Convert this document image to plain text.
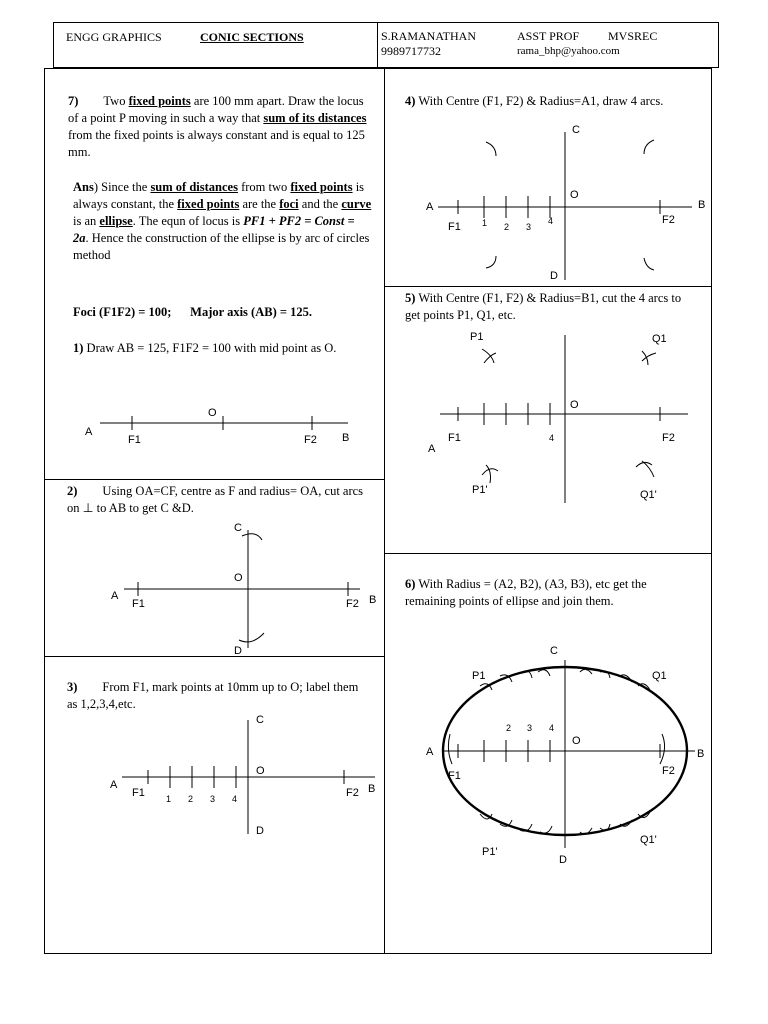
ENGG GRAPHICS	CONIC SECTIONS	S.RAMANATHAN	ASST PROF MVSREC
9989717732	rama_bhp@yahoo.com
7) Two fixed points are 100 mm apart. Draw the locus of a point P moving in such a way that sum of its distances from the fixed points is always constant and is equal to 125 mm.
Ans) Since the sum of distances from two fixed points is always constant, the fixed points are the foci and the curve is an ellipse. The equn of locus is PF1 + PF2 = Const = 2a. Hence the construction of the ellipse is by arc of circles method
Foci (F1F2) = 100; Major axis (AB) = 125.
1) Draw AB = 125, F1F2 = 100 with mid point as O.
A
F1
O
F2 B
2) Using OA=CF, centre as F and radius= OA, cut arcs on ⊥ to AB to get C &D.
A
F1
O
C
D
F2 B
3) From F1, mark points at 10mm up to O; label them as 1,2,3,4,etc.
A
F1 1 2 3 4
O
C
D
F2 B
4) With Centre (F1, F2) & Radius=A1, draw 4 arcs.
A	B
C
D
O
F1
F2
1 2 3
4
5) With Centre (F1, F2) & Radius=B1, cut the 4 arcs to get points P1, Q1, etc.
P1	Q1
P1'	Q1'
O
A
F1	F2
4
6) With Radius = (A2, B2), (A3, B3), etc get the remaining points of ellipse and join them.
C
P1	Q1
2 3 4
O
A	B
F1	F2
P1'
Q1'
D
